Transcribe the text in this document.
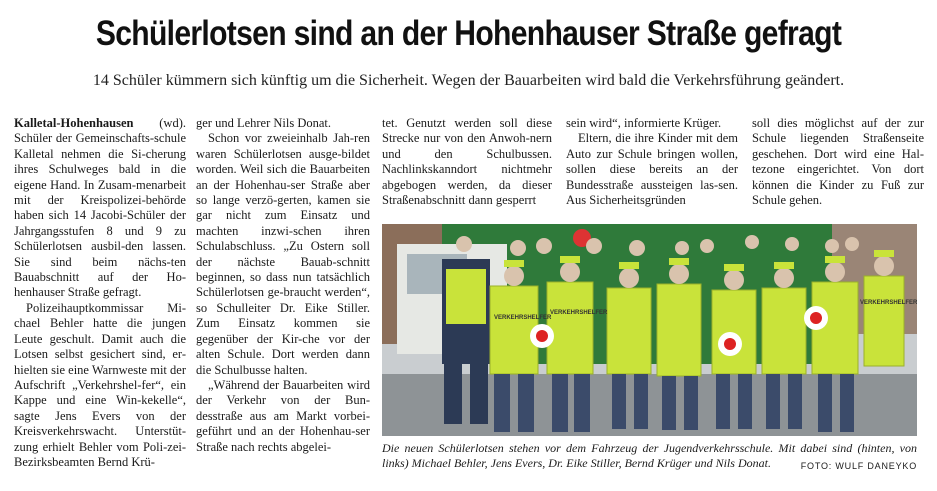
Schülerlotsen sind an der Hohenhauser Straße gefragt
14 Schüler kümmern sich künftig um die Sicherheit. Wegen der Bauarbeiten wird bald die Verkehrsführung geändert.

Kalletal-Hohenhausen (wd). Schüler der Gemeinschafts-schule Kalletal nehmen die Si-cherung ihres Schulweges bald in die eigene Hand. In Zusam-menarbeit mit der Kreispolizei-behörde haben sich 14 Jacobi-Schüler der Jahrgangsstufen 8 und 9 zu Schülerlotsen ausbil-den lassen. Sie sind beim nächs-ten Bauabschnitt auf der Ho-henhauser Straße gefragt.

Polizeihauptkommissar Mi-chael Behler hatte die jungen Leute geschult. Damit auch die Lotsen selbst gesichert sind, er-hielten sie eine Warnweste mit der Aufschrift „Verkehrshel-fer“, ein Kappe und eine Win-kekelle“, sagte Jens Evers von der Kreisverkehrswacht. Unterstüt-zung erhielt Behler vom Poli-zei-Bezirksbeamten Bernd Krü-

ger und Lehrer Nils Donat.

Schon vor zweieinhalb Jah-ren waren Schülerlotsen ausge-bildet worden. Weil sich die Bauarbeiten an der Hohenhau-ser Straße aber so lange verzö-gerten, kamen sie gar nicht zum Einsatz und machten inzwi-schen ihren Schulabschluss. „Zu Ostern soll der nächste Bauab-schnitt beginnen, so dass nun tatsächlich Schülerlotsen ge-braucht werden“, so Schulleiter Dr. Eike Stiller. Zum Einsatz kommen sie gegenüber der Kir-che vor der alten Schule. Dort werden dann die Schulbusse halten.

„Während der Bauarbeiten wird der Verkehr von der Bun-desstraße aus am Markt vorbei-geführt und an der Hohenhau-ser Straße nach rechts abgelei-

tet. Genutzt werden soll diese Strecke nur von den Anwoh-nern und den Schulbussen. Nachlinkskanndort nichtmehr abgebogen werden, da dieser Straßenabschnitt dann gesperrt

sein wird“, informierte Krüger.

Eltern, die ihre Kinder mit dem Auto zur Schule bringen wollen, sollen diese bereits an der Bundesstraße aussteigen las-sen. Aus Sicherheitsgründen

soll dies möglichst auf der zur Schule liegenden Straßenseite geschehen. Dort wird eine Hal-tezone eingerichtet. Von dort können die Kinder zu Fuß zur Schule gehen.

VERKEHRSHELFER
VERKEHRSHELFER
VERKEHRSHELFER
Die neuen Schülerlotsen stehen vor dem Fahrzeug der Jugendverkehrsschule. Mit dabei sind (hinten, von links) Michael Behler, Jens Evers, Dr. Eike Stiller, Bernd Krüger und Nils Donat.	FOTO: WULF DANEYKO
